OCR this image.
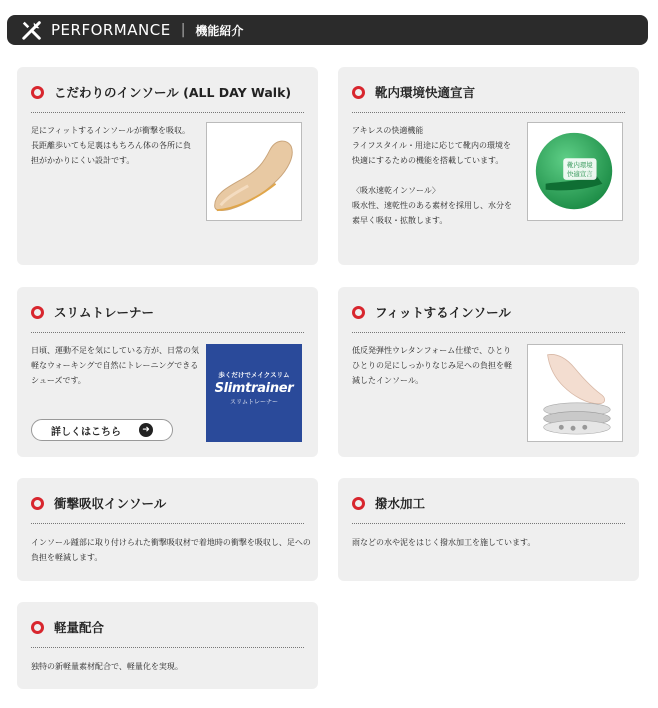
PERFORMANCE | 機能紹介
こだわりのインソール (ALL DAY Walk)
足にフィットするインソールが衝撃を吸収。長距離歩いても足裏はもちろん体の各所に負担がかかりにくい設計です。
靴内環境快適宣言
アキレスの快適機能
ライフスタイル・用途に応じて靴内の環境を快適にするための機能を搭載しています。

〈吸水速乾インソール〉
吸水性、速乾性のある素材を採用し、水分を素早く吸収・拡散します。
靴内環境
快適宣言
スリムトレーナー
日頃、運動不足を気にしている方が、日常の気軽なウォーキングで自然にトレーニングできるシューズです。
詳しくはこちら	➜
歩くだけでメイクスリム
Slimtrainer
スリムトレーナー
フィットするインソール
低反発弾性ウレタンフォーム仕様で、ひとりひとりの足にしっかりなじみ足への負担を軽減したインソール。
衝撃吸収インソール
インソール踵部に取り付けられた衝撃吸収材で着地時の衝撃を吸収し、足への負担を軽減します。
撥水加工
雨などの水や泥をはじく撥水加工を施しています。
軽量配合
独特の新軽量素材配合で、軽量化を実現。
